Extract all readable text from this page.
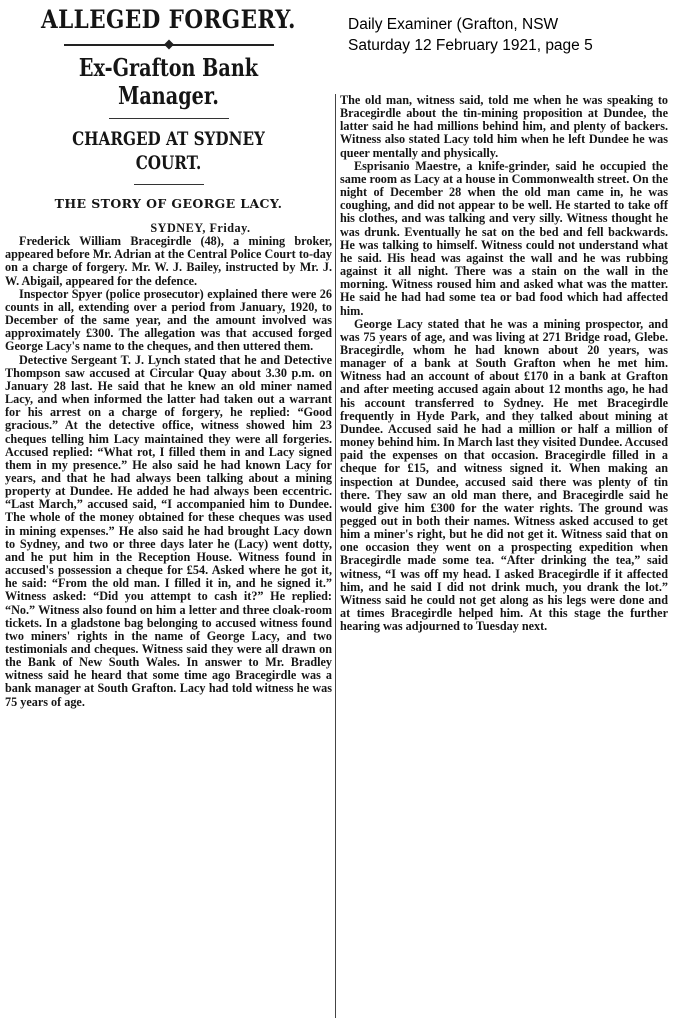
Daily Examiner (Grafton, NSW
Saturday 12 February 1921, page 5
ALLEGED FORGERY.
Ex-Grafton Bank Manager.
CHARGED AT SYDNEY COURT.
THE STORY OF GEORGE LACY.
SYDNEY, Friday.

Frederick William Bracegirdle (48), a mining broker, appeared before Mr. Adrian at the Central Police Court to-day on a charge of forgery. Mr. W. J. Bailey, instructed by Mr. J. W. Abigail, appeared for the defence.

Inspector Spyer (police prosecutor) explained there were 26 counts in all, extending over a period from January, 1920, to December of the same year, and the amount involved was approximately £300. The allegation was that accused forged George Lacy's name to the cheques, and then uttered them.

Detective Sergeant T. J. Lynch stated that he and Detective Thompson saw accused at Circular Quay about 3.30 p.m. on January 28 last. He said that he knew an old miner named Lacy, and when informed the latter had taken out a warrant for his arrest on a charge of forgery, he replied: “Good gracious.” At the detective office, witness showed him 23 cheques telling him Lacy maintained they were all forgeries. Accused replied: “What rot, I filled them in and Lacy signed them in my presence.” He also said he had known Lacy for years, and that he had always been talking about a mining property at Dundee. He added he had always been eccentric. “Last March,” accused said, “I accompanied him to Dundee. The whole of the money obtained for these cheques was used in mining expenses.” He also said he had brought Lacy down to Sydney, and two or three days later he (Lacy) went dotty, and he put him in the Reception House. Witness found in accused's possession a cheque for £54. Asked where he got it, he said: “From the old man. I filled it in, and he signed it.” Witness asked: “Did you attempt to cash it?” He replied: “No.” Witness also found on him a letter and three cloak-room tickets. In a gladstone bag belonging to accused witness found two miners' rights in the name of George Lacy, and two testimonials and cheques. Witness said they were all drawn on the Bank of New South Wales. In answer to Mr. Bradley witness said he heard that some time ago Bracegirdle was a bank manager at South Grafton. Lacy had told witness he was 75 years of age.

The old man, witness said, told me when he was speaking to Bracegirdle about the tin-mining proposition at Dundee, the latter said he had millions behind him, and plenty of backers. Witness also stated Lacy told him when he left Dundee he was queer mentally and physically.

Esprisanio Maestre, a knife-grinder, said he occupied the same room as Lacy at a house in Commonwealth street. On the night of December 28 when the old man came in, he was coughing, and did not appear to be well. He started to take off his clothes, and was talking and very silly. Witness thought he was drunk. Eventually he sat on the bed and fell backwards. He was talking to himself. Witness could not understand what he said. His head was against the wall and he was rubbing against it all night. There was a stain on the wall in the morning. Witness roused him and asked what was the matter. He said he had had some tea or bad food which had affected him.

George Lacy stated that he was a mining prospector, and was 75 years of age, and was living at 271 Bridge road, Glebe. Bracegirdle, whom he had known about 20 years, was manager of a bank at South Grafton when he met him. Witness had an account of about £170 in a bank at Grafton and after meeting accused again about 12 months ago, he had his account transferred to Sydney. He met Bracegirdle frequently in Hyde Park, and they talked about mining at Dundee. Accused said he had a million or half a million of money behind him. In March last they visited Dundee. Accused paid the expenses on that occasion. Bracegirdle filled in a cheque for £15, and witness signed it. When making an inspection at Dundee, accused said there was plenty of tin there. They saw an old man there, and Bracegirdle said he would give him £300 for the water rights. The ground was pegged out in both their names. Witness asked accused to get him a miner's right, but he did not get it. Witness said that on one occasion they went on a prospecting expedition when Bracegirdle made some tea. “After drinking the tea,” said witness, “I was off my head. I asked Bracegirdle if it affected him, and he said I did not drink much, you drank the lot.” Witness said he could not get along as his legs were done and at times Bracegirdle helped him. At this stage the further hearing was adjourned to Tuesday next.
